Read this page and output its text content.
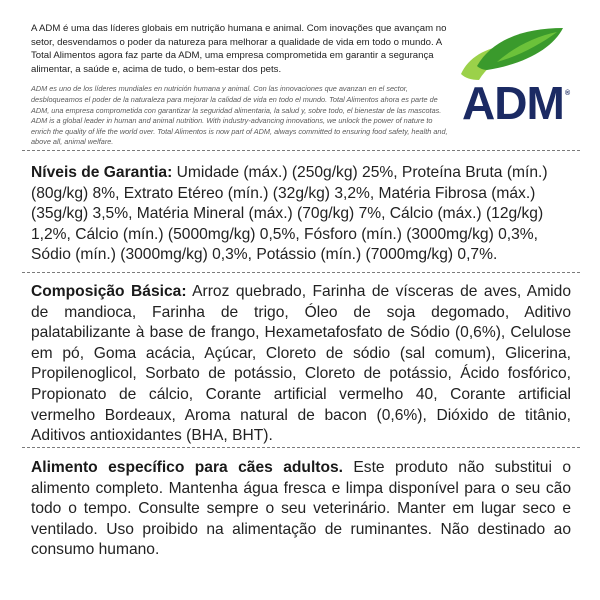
A ADM é uma das líderes globais em nutrição humana e animal. Com inovações que avançam no setor, desvendamos o poder da natureza para melhorar a qualidade de vida em todo o mundo. A Total Alimentos agora faz parte da ADM, uma empresa comprometida em garantir a segurança alimentar, a saúde e, acima de tudo, o bem-estar dos pets.

ADM es uno de los líderes mundiales en nutrición humana y animal. Con las innovaciones que avanzan en el sector, desbloqueamos el poder de la naturaleza para mejorar la calidad de vida en todo el mundo. Total Alimentos ahora es parte de ADM, una empresa comprometida con garantizar la seguridad alimentaria, la salud y, sobre todo, el bienestar de las mascotas.

ADM is a global leader in human and animal nutrition. With industry-advancing innovations, we unlock the power of nature to enrich the quality of life the world over. Total Alimentos is now part of ADM, always committed to ensuring food safety, health and, above all, animal welfare.

ADM ®
Níveis de Garantia: Umidade (máx.) (250g/kg) 25%, Proteína Bruta (mín.) (80g/kg) 8%, Extrato Etéreo (mín.) (32g/kg) 3,2%, Matéria Fibrosa (máx.) (35g/kg) 3,5%, Matéria Mineral (máx.) (70g/kg) 7%, Cálcio (máx.) (12g/kg) 1,2%, Cálcio (mín.) (5000mg/kg) 0,5%, Fósforo (mín.) (3000mg/kg) 0,3%, Sódio (mín.) (3000mg/kg) 0,3%, Potássio (mín.) (7000mg/kg) 0,7%.
Composição Básica: Arroz quebrado, Farinha de vísceras de aves, Amido de mandioca, Farinha de trigo, Óleo de soja degomado, Aditivo palatabilizante à base de frango, Hexametafosfato de Sódio (0,6%), Celulose em pó, Goma acácia, Açúcar, Cloreto de sódio (sal comum), Glicerina, Propilenoglicol, Sorbato de potássio, Cloreto de potássio, Ácido fosfórico, Propionato de cálcio, Corante artificial vermelho 40, Corante artificial vermelho Bordeaux, Aroma natural de bacon (0,6%), Dióxido de titânio, Aditivos antioxidantes (BHA, BHT).
Alimento específico para cães adultos. Este produto não substitui o alimento completo. Mantenha água fresca e limpa disponível para o seu cão todo o tempo. Consulte sempre o seu veterinário. Manter em lugar seco e ventilado. Uso proibido na alimentação de ruminantes. Não destinado ao consumo humano.
